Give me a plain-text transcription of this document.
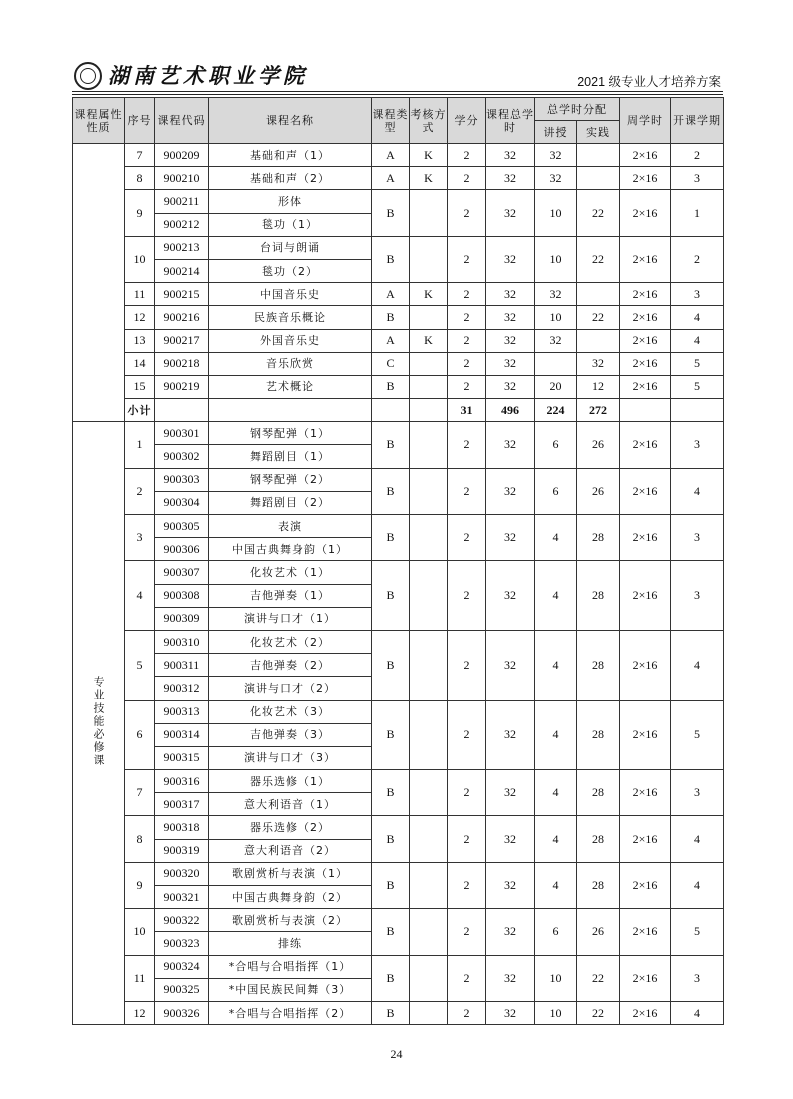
湖南艺术职业学院	2021 级专业人才培养方案
课程属性性质	序号	课程代码	课程名称	课程类型	考核方式	学分	课程总学时	总学时分配		周学时	开课学期
								讲授	实践		
	7	900209	基础和声（1）	A	K	2	32	32		2×16	2
	8	900210	基础和声（2）	A	K	2	32	32		2×16	3
	9	900211	形体	B		2	32	10	22	2×16	1
		900212	毯功（1）								
	10	900213	台词与朗诵	B		2	32	10	22	2×16	2
		900214	毯功（2）								
	11	900215	中国音乐史	A	K	2	32	32		2×16	3
	12	900216	民族音乐概论	B		2	32	10	22	2×16	4
	13	900217	外国音乐史	A	K	2	32	32		2×16	4
	14	900218	音乐欣赏	C		2	32		32	2×16	5
	15	900219	艺术概论	B		2	32	20	12	2×16	5
	小计					31	496	224	272		
专业技能必修课	1	900301	钢琴配弹（1）	B		2	32	6	26	2×16	3
		900302	舞蹈剧目（1）								
	2	900303	钢琴配弹（2）	B		2	32	6	26	2×16	4
		900304	舞蹈剧目（2）								
	3	900305	表演	B		2	32	4	28	2×16	3
		900306	中国古典舞身韵（1）								
	4	900307	化妆艺术（1）	B		2	32	4	28	2×16	3
		900308	吉他弹奏（1）								
		900309	演讲与口才（1）								
	5	900310	化妆艺术（2）	B		2	32	4	28	2×16	4
		900311	吉他弹奏（2）								
		900312	演讲与口才（2）								
	6	900313	化妆艺术（3）	B		2	32	4	28	2×16	5
		900314	吉他弹奏（3）								
		900315	演讲与口才（3）								
	7	900316	器乐选修（1）	B		2	32	4	28	2×16	3
		900317	意大利语音（1）								
	8	900318	器乐选修（2）	B		2	32	4	28	2×16	4
		900319	意大利语音（2）								
	9	900320	歌剧赏析与表演（1）	B		2	32	4	28	2×16	4
		900321	中国古典舞身韵（2）								
	10	900322	歌剧赏析与表演（2）	B		2	32	6	26	2×16	5
		900323	排练								
	11	900324	*合唱与合唱指挥（1）	B		2	32	10	22	2×16	3
		900325	*中国民族民间舞（3）								
	12	900326	*合唱与合唱指挥（2）	B		2	32	10	22	2×16	4
24
